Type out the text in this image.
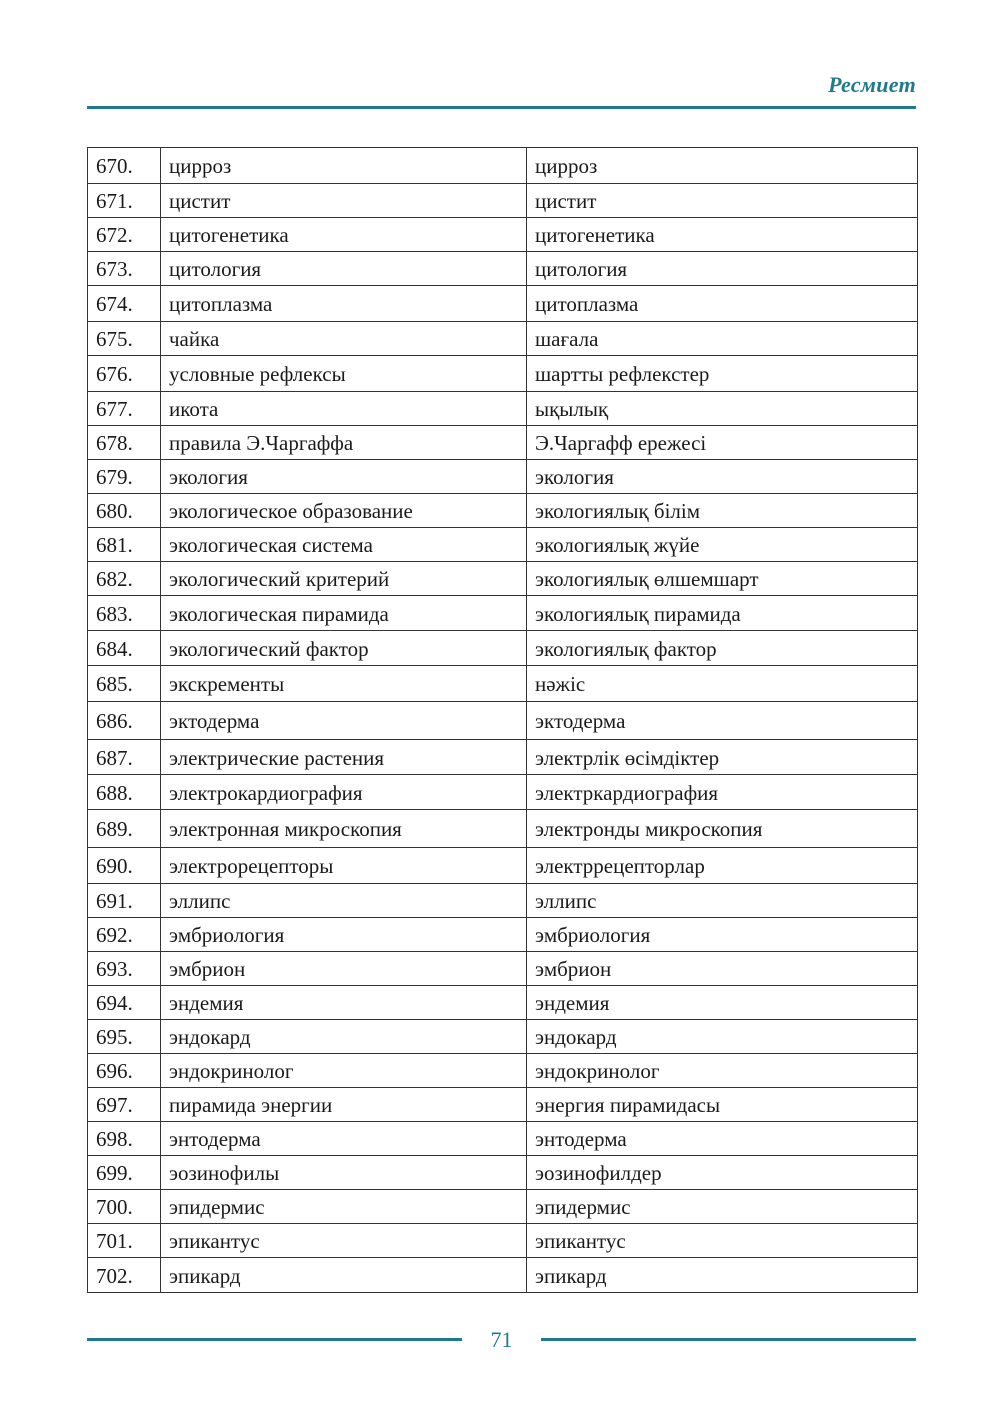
Ресмиет
670.	цирроз	цирроз
671.	цистит	цистит
672.	цитогенетика	цитогенетика
673.	цитология	цитология
674.	цитоплазма	цитоплазма
675.	чайка	шағала
676.	условные рефлексы	шартты рефлекстер
677.	икота	ықылық
678.	правила Э.Чаргаффа	Э.Чаргафф ережесі
679.	экология	экология
680.	экологическое образование	экологиялық білім
681.	экологическая система	экологиялық жүйе
682.	экологический критерий	экологиялық өлшемшарт
683.	экологическая пирамида	экологиялық пирамида
684.	экологический фактор	экологиялық фактор
685.	экскременты	нәжіс
686.	эктодерма	эктодерма
687.	электрические растения	электрлік өсімдіктер
688.	электрокардиография	электркардиография
689.	электронная микроскопия	электронды микроскопия
690.	электрорецепторы	электррецепторлар
691.	эллипс	эллипс
692.	эмбриология	эмбриология
693.	эмбрион	эмбрион
694.	эндемия	эндемия
695.	эндокард	эндокард
696.	эндокринолог	эндокринолог
697.	пирамида энергии	энергия пирамидасы
698.	энтодерма	энтодерма
699.	эозинофилы	эозинофилдер
700.	эпидермис	эпидермис
701.	эпикантус	эпикантус
702.	эпикард	эпикард
71
